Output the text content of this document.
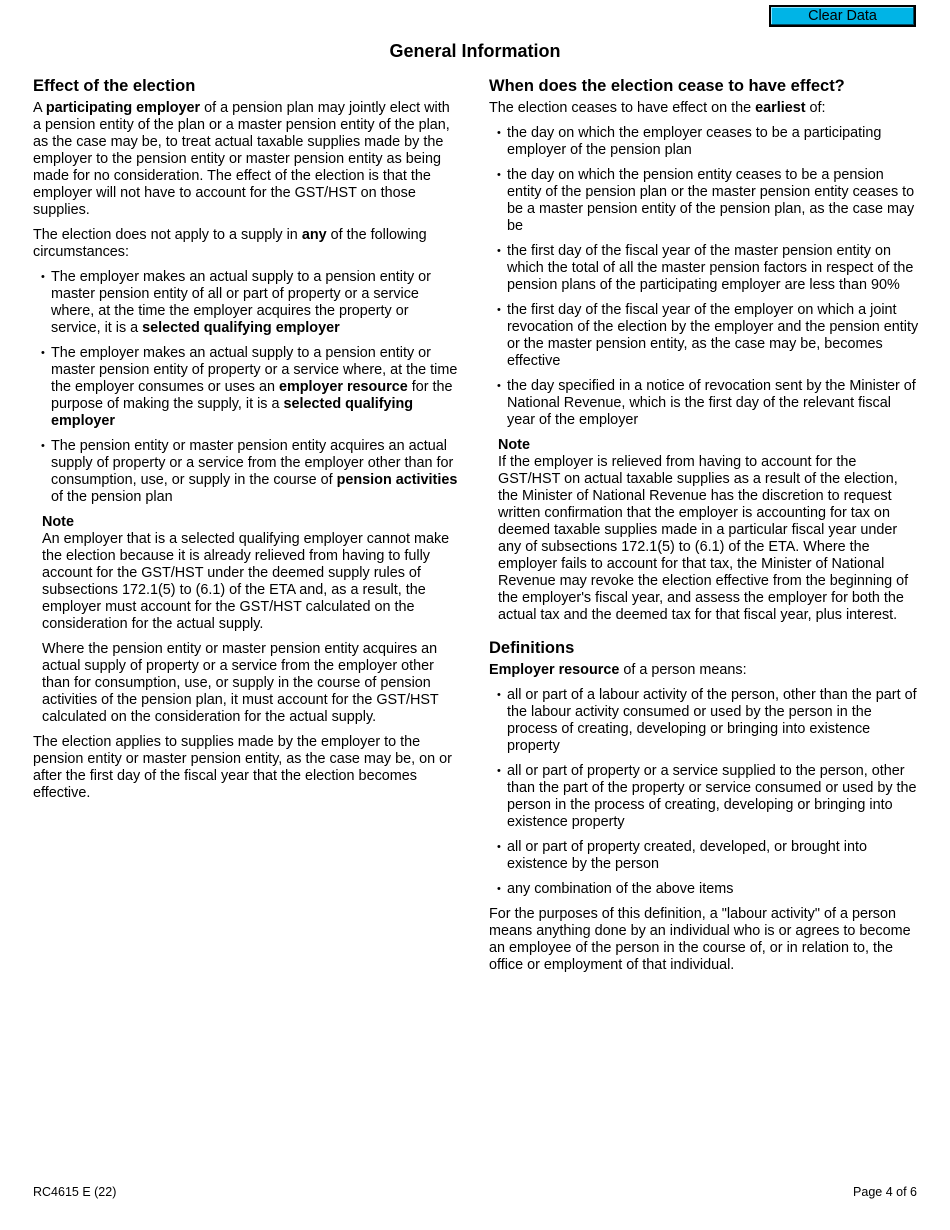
Clear Data
General Information
Effect of the election

A participating employer of a pension plan may jointly elect with a pension entity of the plan or a master pension entity of the plan, as the case may be, to treat actual taxable supplies made by the employer to the pension entity or master pension entity as being made for no consideration. The effect of the election is that the employer will not have to account for the GST/HST on those supplies.

The election does not apply to a supply in any of the following circumstances:

• The employer makes an actual supply to a pension entity or master pension entity of all or part of property or a service where, at the time the employer acquires the property or service, it is a selected qualifying employer
• The employer makes an actual supply to a pension entity or master pension entity of property or a service where, at the time the employer consumes or uses an employer resource for the purpose of making the supply, it is a selected qualifying employer
• The pension entity or master pension entity acquires an actual supply of property or a service from the employer other than for consumption, use, or supply in the course of pension activities of the pension plan
Note

An employer that is a selected qualifying employer cannot make the election because it is already relieved from having to fully account for the GST/HST under the deemed supply rules of subsections 172.1(5) to (6.1) of the ETA and, as a result, the employer must account for the GST/HST calculated on the consideration for the actual supply.

Where the pension entity or master pension entity acquires an actual supply of property or a service from the employer other than for consumption, use, or supply in the course of pension activities of the pension plan, it must account for the GST/HST calculated on the consideration for the actual supply.

The election applies to supplies made by the employer to the pension entity or master pension entity, as the case may be, on or after the first day of the fiscal year that the election becomes effective.

When does the election cease to have effect?

The election ceases to have effect on the earliest of:

• the day on which the employer ceases to be a participating employer of the pension plan
• the day on which the pension entity ceases to be a pension entity of the pension plan or the master pension entity ceases to be a master pension entity of the pension plan, as the case may be
• the first day of the fiscal year of the master pension entity on which the total of all the master pension factors in respect of the pension plans of the participating employer are less than 90%
• the first day of the fiscal year of the employer on which a joint revocation of the election by the employer and the pension entity or the master pension entity, as the case may be, becomes effective
• the day specified in a notice of revocation sent by the Minister of National Revenue, which is the first day of the relevant fiscal year of the employer
Note

If the employer is relieved from having to account for the GST/HST on actual taxable supplies as a result of the election, the Minister of National Revenue has the discretion to request written confirmation that the employer is accounting for tax on deemed taxable supplies made in a particular fiscal year under any of subsections 172.1(5) to (6.1) of the ETA. Where the employer fails to account for that tax, the Minister of National Revenue may revoke the election effective from the beginning of the employer's fiscal year, and assess the employer for both the actual tax and the deemed tax for that fiscal year, plus interest.

Definitions

Employer resource of a person means:

• all or part of a labour activity of the person, other than the part of the labour activity consumed or used by the person in the process of creating, developing or bringing into existence property
• all or part of property or a service supplied to the person, other than the part of the property or service consumed or used by the person in the process of creating, developing or bringing into existence property
• all or part of property created, developed, or brought into existence by the person
• any combination of the above items

For the purposes of this definition, a "labour activity" of a person means anything done by an individual who is or agrees to become an employee of the person in the course of, or in relation to, the office or employment of that individual.

RC4615 E (22)	Page 4 of 6
